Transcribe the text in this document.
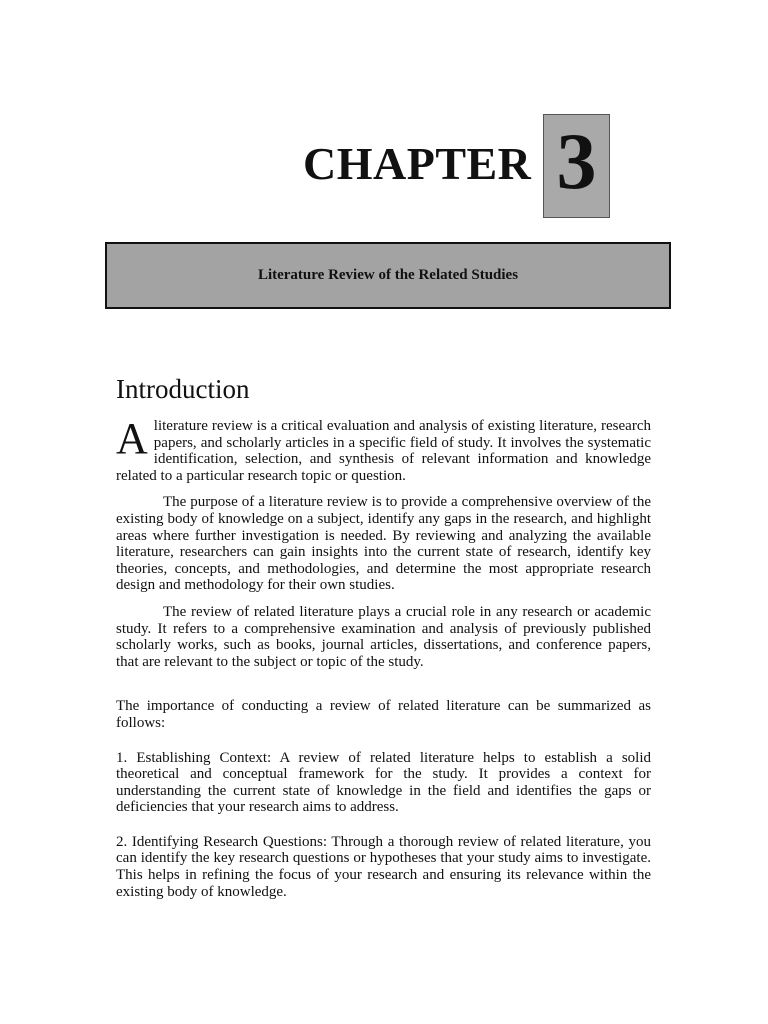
CHAPTER 3
Literature Review of the Related Studies
Introduction

A literature review is a critical evaluation and analysis of existing literature, research papers, and scholarly articles in a specific field of study. It involves the systematic identification, selection, and synthesis of relevant information and knowledge related to a particular research topic or question.

The purpose of a literature review is to provide a comprehensive overview of the existing body of knowledge on a subject, identify any gaps in the research, and highlight areas where further investigation is needed. By reviewing and analyzing the available literature, researchers can gain insights into the current state of research, identify key theories, concepts, and methodologies, and determine the most appropriate research design and methodology for their own studies.

The review of related literature plays a crucial role in any research or academic study. It refers to a comprehensive examination and analysis of previously published scholarly works, such as books, journal articles, dissertations, and conference papers, that are relevant to the subject or topic of the study.

The importance of conducting a review of related literature can be summarized as follows:

1. Establishing Context: A review of related literature helps to establish a solid theoretical and conceptual framework for the study. It provides a context for understanding the current state of knowledge in the field and identifies the gaps or deficiencies that your research aims to address.

2. Identifying Research Questions: Through a thorough review of related literature, you can identify the key research questions or hypotheses that your study aims to investigate. This helps in refining the focus of your research and ensuring its relevance within the existing body of knowledge.
